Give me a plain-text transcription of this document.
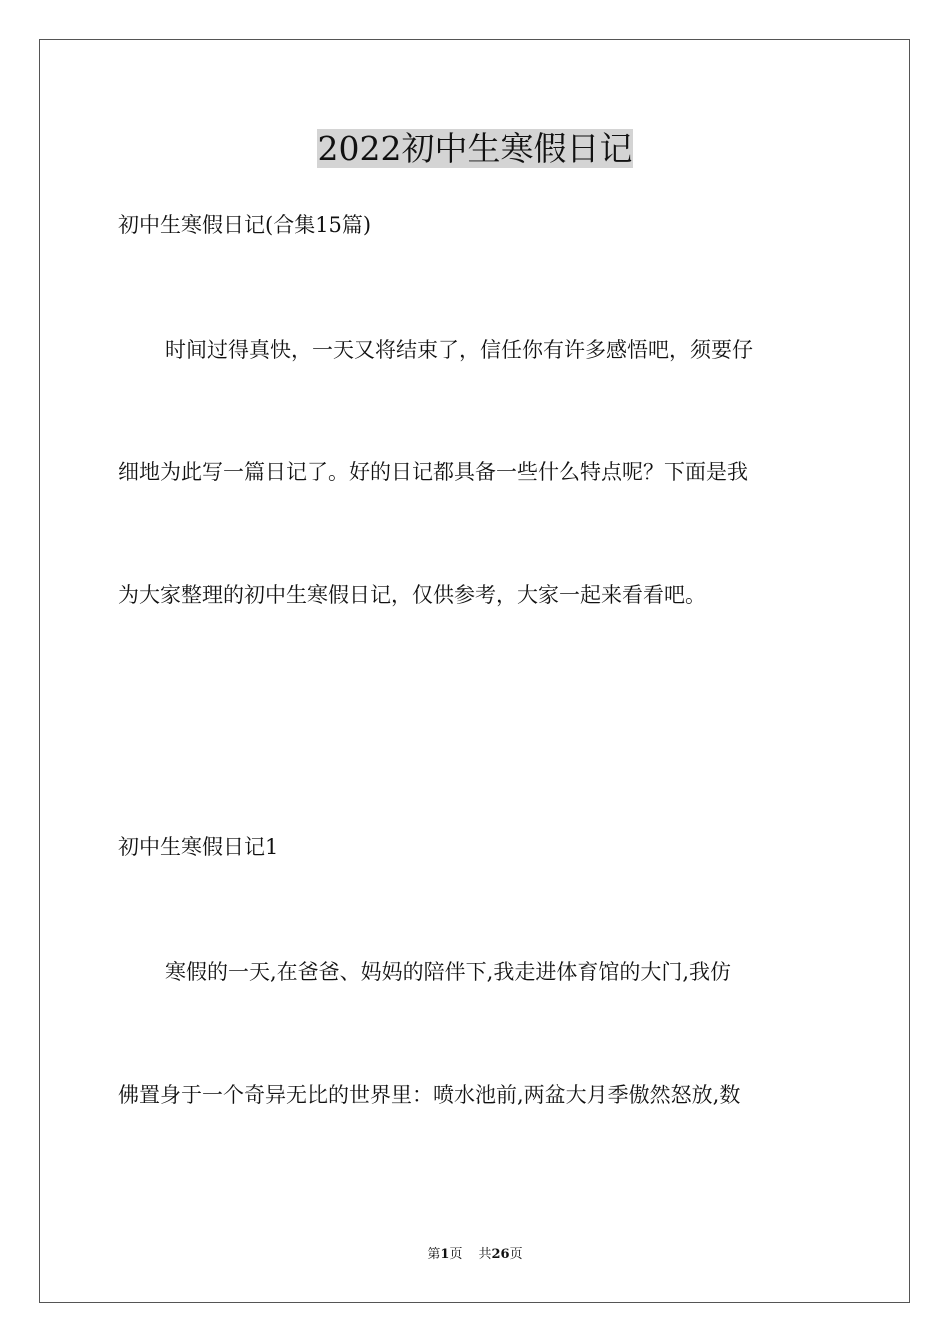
2022初中生寒假日记
初中生寒假日记(合集15篇)
时间过得真快，一天又将结束了，信任你有许多感悟吧，须要仔
细地为此写一篇日记了。好的日记都具备一些什么特点呢？下面是我
为大家整理的初中生寒假日记，仅供参考，大家一起来看看吧。
初中生寒假日记1
寒假的一天,在爸爸、妈妈的陪伴下,我走进体育馆的大门,我仿
佛置身于一个奇异无比的世界里：喷水池前,两盆大月季傲然怒放,数
第1页 共26页
